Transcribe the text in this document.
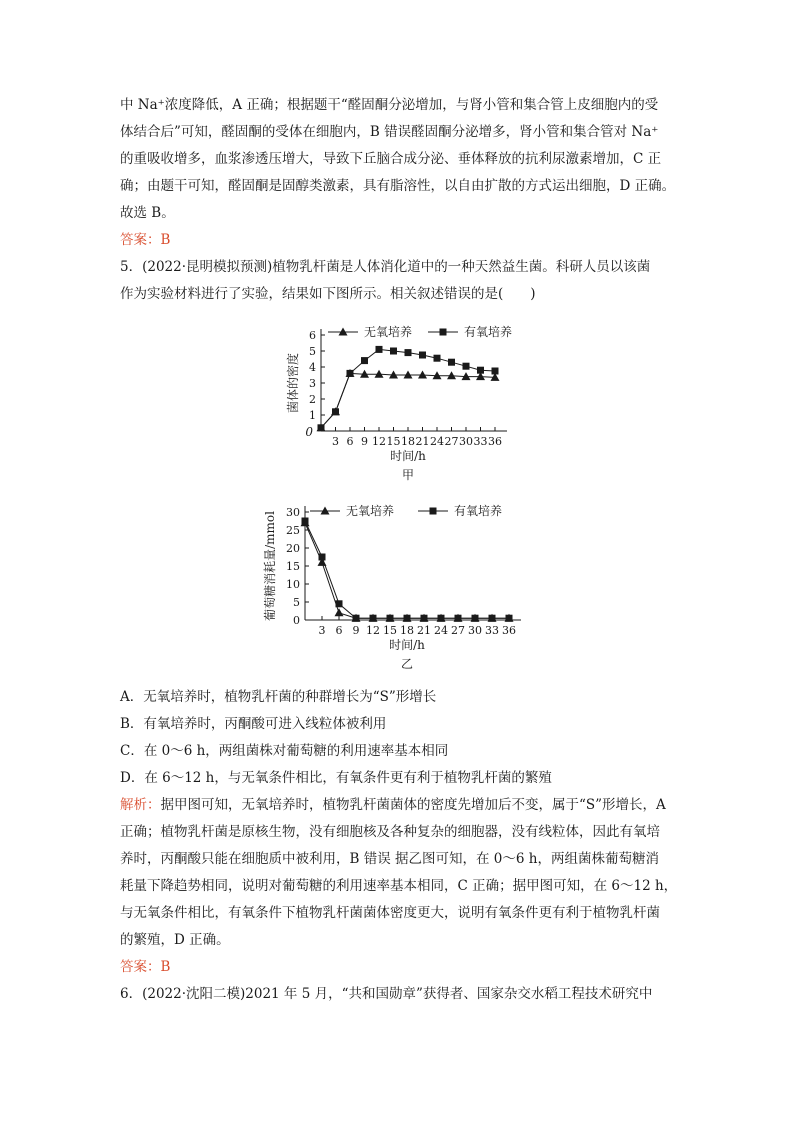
中 Na⁺浓度降低，A 正确；根据题干“醛固酮分泌增加，与肾小管和集合管上皮细胞内的受
体结合后”可知，醛固酮的受体在细胞内，B 错误醛固酮分泌增多，肾小管和集合管对 Na⁺
的重吸收增多，血浆渗透压增大，导致下丘脑合成分泌、垂体释放的抗利尿激素增加，C 正
确；由题干可知，醛固酮是固醇类激素，具有脂溶性，以自由扩散的方式运出细胞，D 正确。
故选 B。
答案：B
5．(2022·昆明模拟预测)植物乳杆菌是人体消化道中的一种天然益生菌。科研人员以该菌
作为实验材料进行了实验，结果如下图所示。相关叙述错误的是(　　)
1
2
3
4
5
6
0
3 6 9 12 15 18 21 24 27 30 33 36
时间/h
菌体的密度
甲
无氧培养	有氧培养
0
5
10
15
20
25
30
3 6 9 12 15 18 21 24 27 30 33 36
时间/h
葡萄糖消耗量/mmol
乙
无氧培养	有氧培养
A．无氧培养时，植物乳杆菌的种群增长为“S”形增长
B．有氧培养时，丙酮酸可进入线粒体被利用
C．在 0～6 h，两组菌株对葡萄糖的利用速率基本相同
D．在 6～12 h，与无氧条件相比，有氧条件更有利于植物乳杆菌的繁殖
解析：据甲图可知，无氧培养时，植物乳杆菌菌体的密度先增加后不变，属于“S”形增长，A
正确；植物乳杆菌是原核生物，没有细胞核及各种复杂的细胞器，没有线粒体，因此有氧培
养时，丙酮酸只能在细胞质中被利用，B 错误 据乙图可知，在 0～6 h，两组菌株葡萄糖消
耗量下降趋势相同，说明对葡萄糖的利用速率基本相同，C 正确；据甲图可知，在 6～12 h，
与无氧条件相比，有氧条件下植物乳杆菌菌体密度更大，说明有氧条件更有利于植物乳杆菌
的繁殖，D 正确。
答案：B
6．(2022·沈阳二模)2021 年 5 月，“共和国勋章”获得者、国家杂交水稻工程技术研究中
